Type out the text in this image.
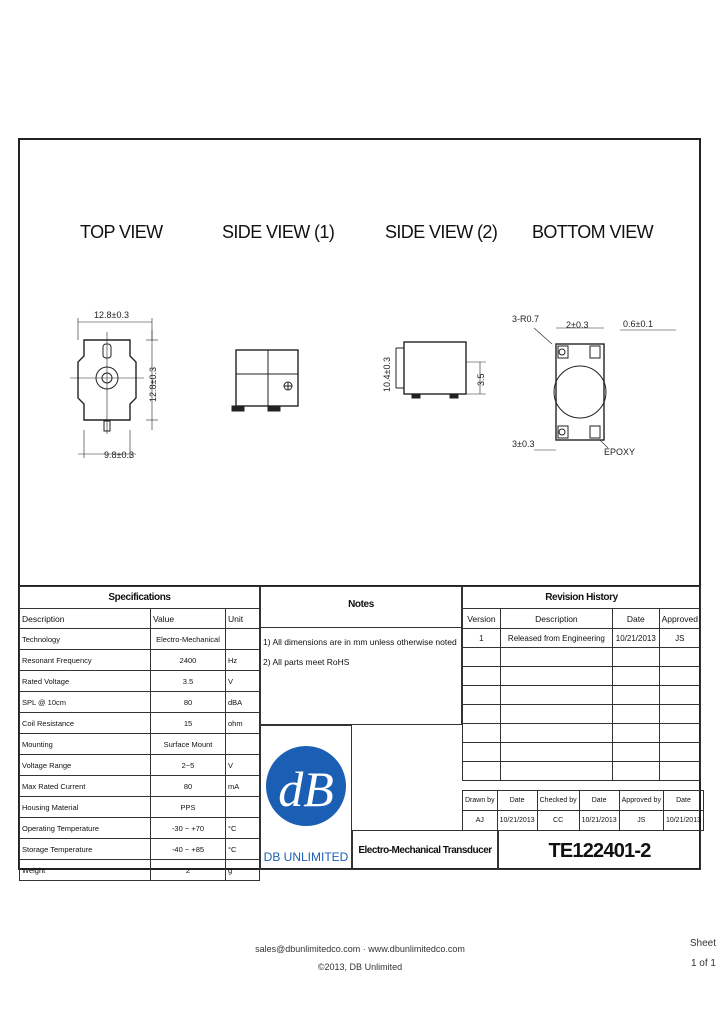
TOP VIEW	SIDE VIEW (1)	SIDE VIEW (2) BOTTOM VIEW
12.8±0.3
9.8±0.3
12.8±0.3	10.4±0.3	3.5
3-R0.7
2±0.3	0.6±0.1
3±0.3
EPOXY
Specifications		
Description	Value	Unit
Technology	Electro-Mechanical	
Resonant Frequency	2400	Hz
Rated Voltage	3.5	V
SPL @ 10cm	80	dBA
Coil Resistance	15	ohm
Mounting	Surface Mount	
Voltage Range	2~5	V
Max Rated Current	80	mA
Housing Material	PPS	
Operating Temperature	-30 ~ +70	°C
Storage Temperature	-40 ~ +85	°C
Weight	2	g
Notes
1) All dimensions are in mm unless otherwise noted
2) All parts meet RoHS
dB
DB UNLIMITED
Revision History			
Version	Description	Date	Approved
1	Released from Engineering	10/21/2013	JS

Drawn by	Date	Checked by	Date	Approved by	Date
AJ	10/21/2013	CC	10/21/2013	JS	10/21/2013
Electro-Mechanical Transducer	TE122401-2
sales@dbunlimitedco.com · www.dbunlimitedco.com
©2013, DB Unlimited
Sheet
1 of 1
